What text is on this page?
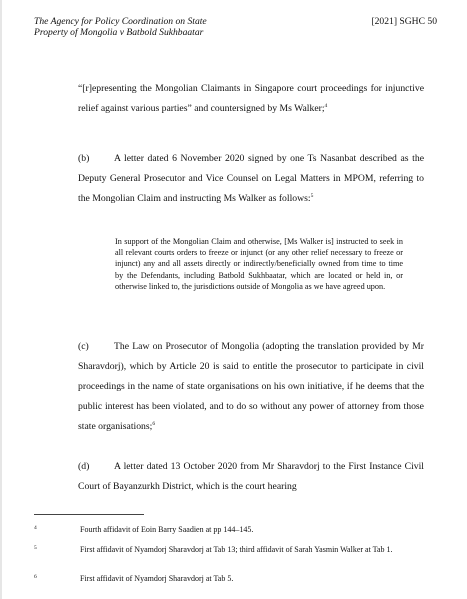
The Agency for Policy Coordination on State
Property of Mongolia v Batbold Sukhbaatar
[2021] SGHC 50
“[r]epresenting the Mongolian Claimants in Singapore court proceedings for injunctive relief against various parties” and countersigned by Ms Walker;$^4$
(b)	A letter dated 6 November 2020 signed by one Ts Nasanbat described as the Deputy General Prosecutor and Vice Counsel on Legal Matters in MPOM, referring to the Mongolian Claim and instructing Ms Walker as follows:$^5$
In support of the Mongolian Claim and otherwise, [Ms Walker is] instructed to seek in all relevant courts orders to freeze or injunct (or any other relief necessary to freeze or injunct) any and all assets directly or indirectly/beneficially owned from time to time by the Defendants, including Batbold Sukhbaatar, which are located or held in, or otherwise linked to, the jurisdictions outside of Mongolia as we have agreed upon.
(c)	The Law on Prosecutor of Mongolia (adopting the translation provided by Mr Sharavdorj), which by Article 20 is said to entitle the prosecutor to participate in civil proceedings in the name of state organisations on his own initiative, if he deems that the public interest has been violated, and to do so without any power of attorney from those state organisations;$^6$
(d)	A letter dated 13 October 2020 from Mr Sharavdorj to the First Instance Civil Court of Bayanzurkh District, which is the court hearing
4	Fourth affidavit of Eoin Barry Saadien at pp 144–145.
5	First affidavit of Nyamdorj Sharavdorj at Tab 13; third affidavit of Sarah Yasmin Walker at Tab 1.
6	First affidavit of Nyamdorj Sharavdorj at Tab 5.
